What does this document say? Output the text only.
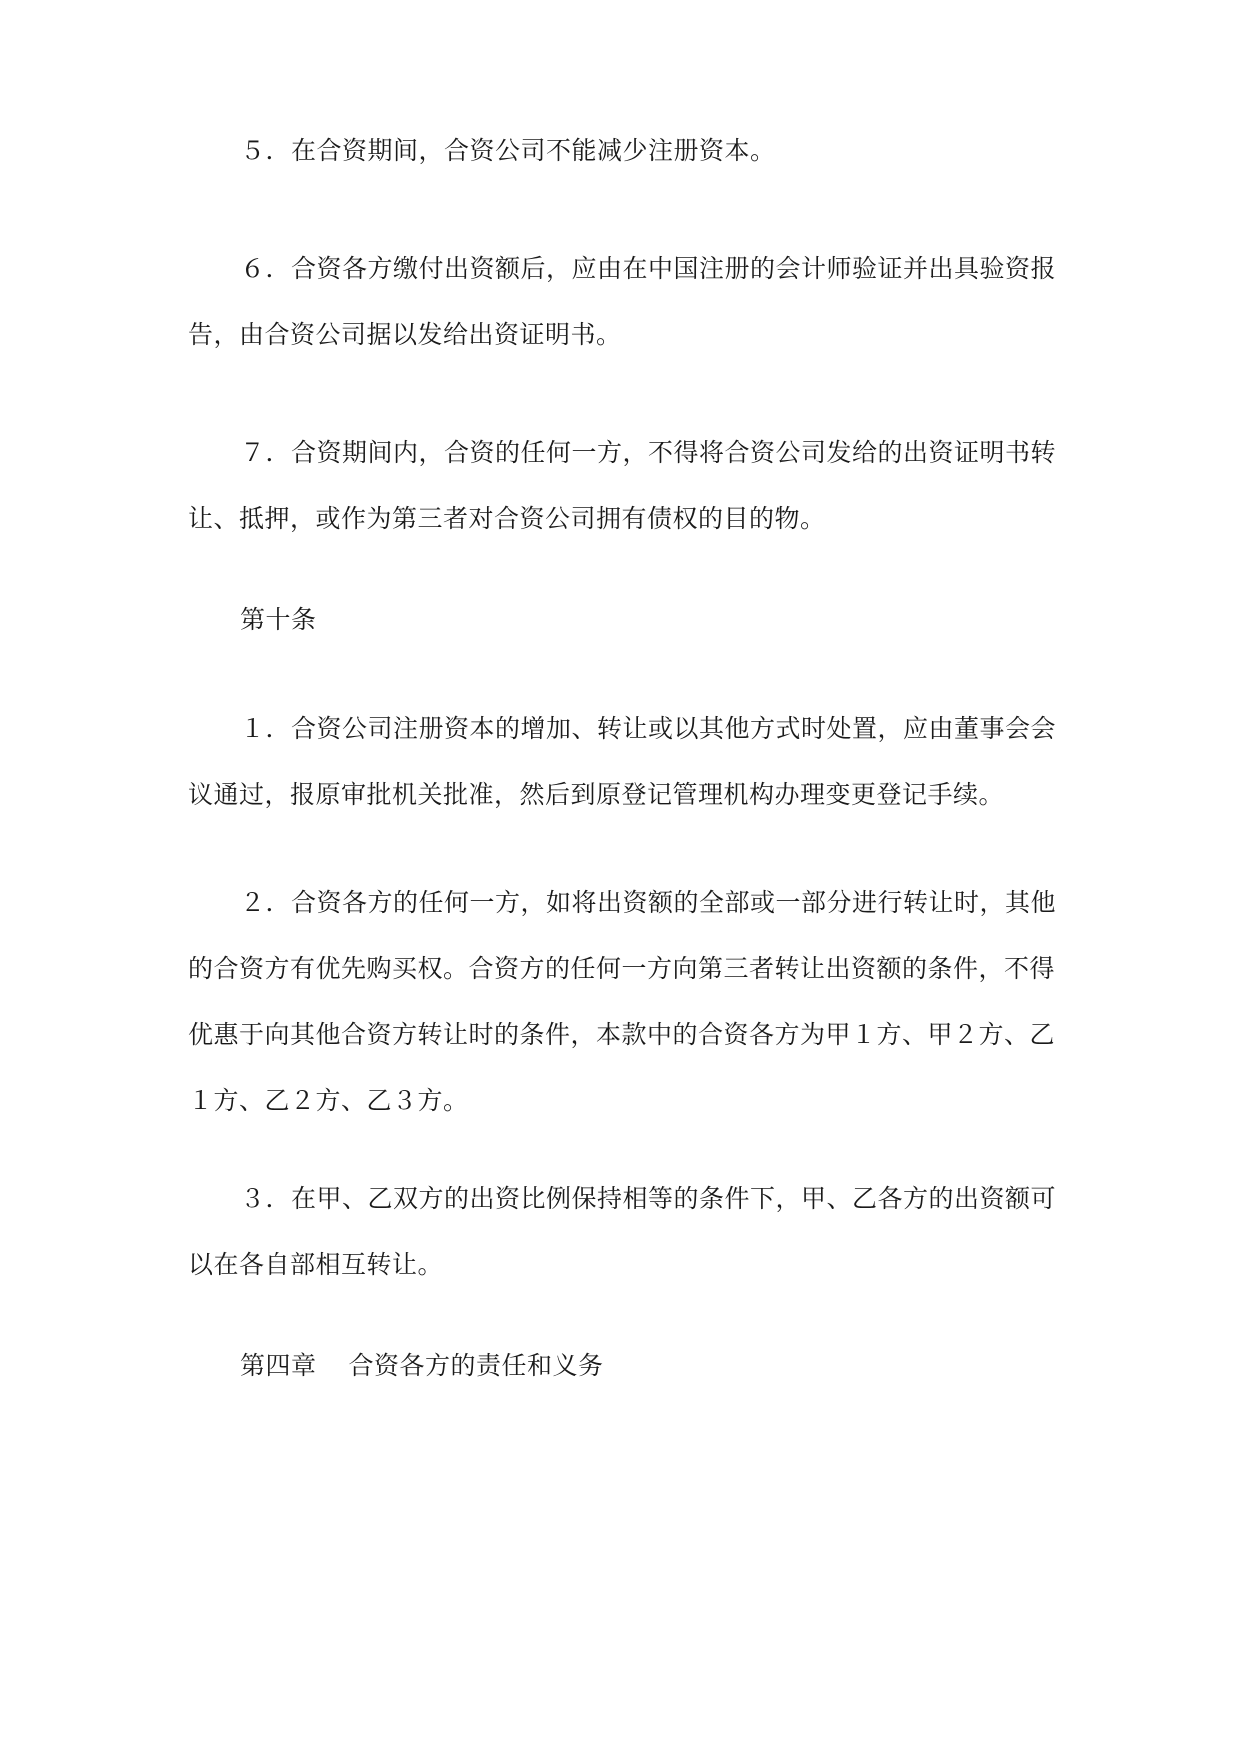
５．在合资期间，合资公司不能减少注册资本。
６．合资各方缴付出资额后，应由在中国注册的会计师验证并出具验资报
告，由合资公司据以发给出资证明书。
７．合资期间内，合资的任何一方，不得将合资公司发给的出资证明书转
让、抵押，或作为第三者对合资公司拥有债权的目的物。
第十条
１．合资公司注册资本的增加、转让或以其他方式时处置，应由董事会会
议通过，报原审批机关批准，然后到原登记管理机构办理变更登记手续。
２．合资各方的任何一方，如将出资额的全部或一部分进行转让时，其他
的合资方有优先购买权。合资方的任何一方向第三者转让出资额的条件，不得
优惠于向其他合资方转让时的条件，本款中的合资各方为甲１方、甲２方、乙
１方、乙２方、乙３方。
３．在甲、乙双方的出资比例保持相等的条件下，甲、乙各方的出资额可
以在各自部相互转让。
第四章 合资各方的责任和义务
